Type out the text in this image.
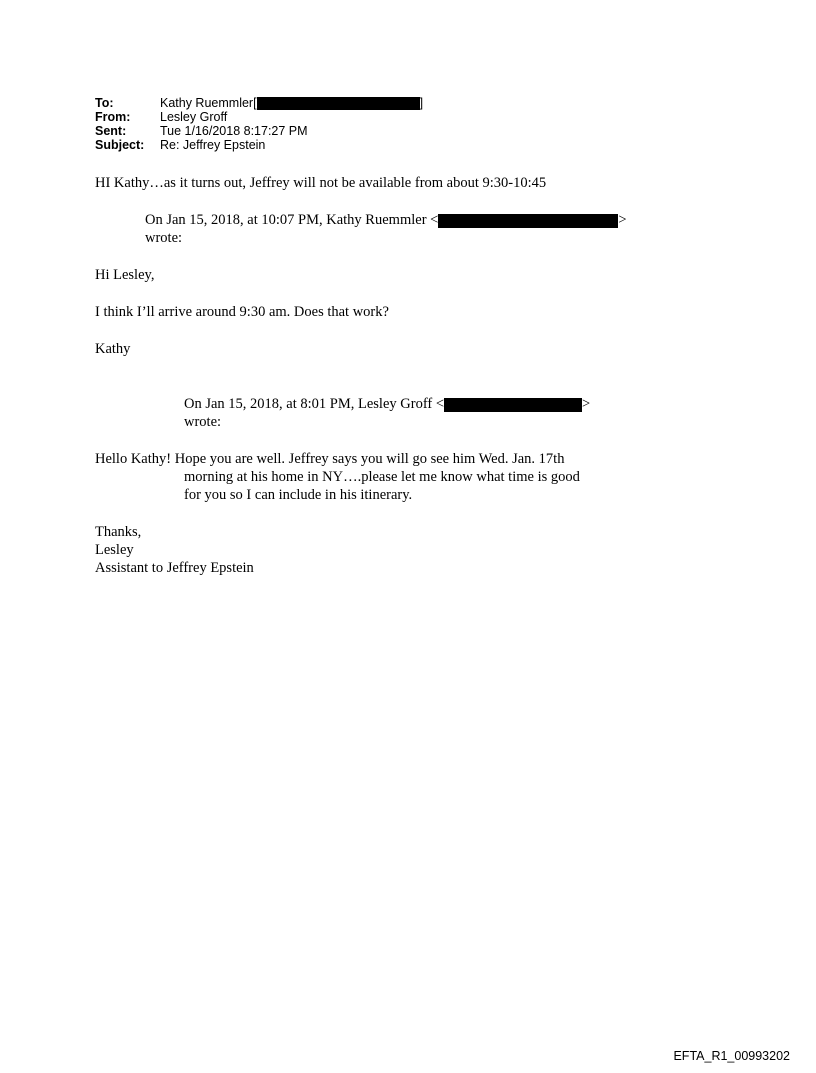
To:	Kathy Ruemmler[	]
From:	Lesley Groff
Sent:	Tue 1/16/2018 8:17:27 PM
Subject:	Re: Jeffrey Epstein
HI Kathy…as it turns out, Jeffrey will not be available from about 9:30-10:45
On Jan 15, 2018, at 10:07 PM, Kathy Ruemmler <	>
wrote:
Hi Lesley,
I think I’ll arrive around 9:30 am. Does that work?
Kathy
On Jan 15, 2018, at 8:01 PM, Lesley Groff <	>
wrote:
Hello Kathy! Hope you are well. Jeffrey says you will go see him Wed. Jan. 17th
morning at his home in NY….please let me know what time is good
for you so I can include in his itinerary.
Thanks,
Lesley
Assistant to Jeffrey Epstein
EFTA_R1_00993202
